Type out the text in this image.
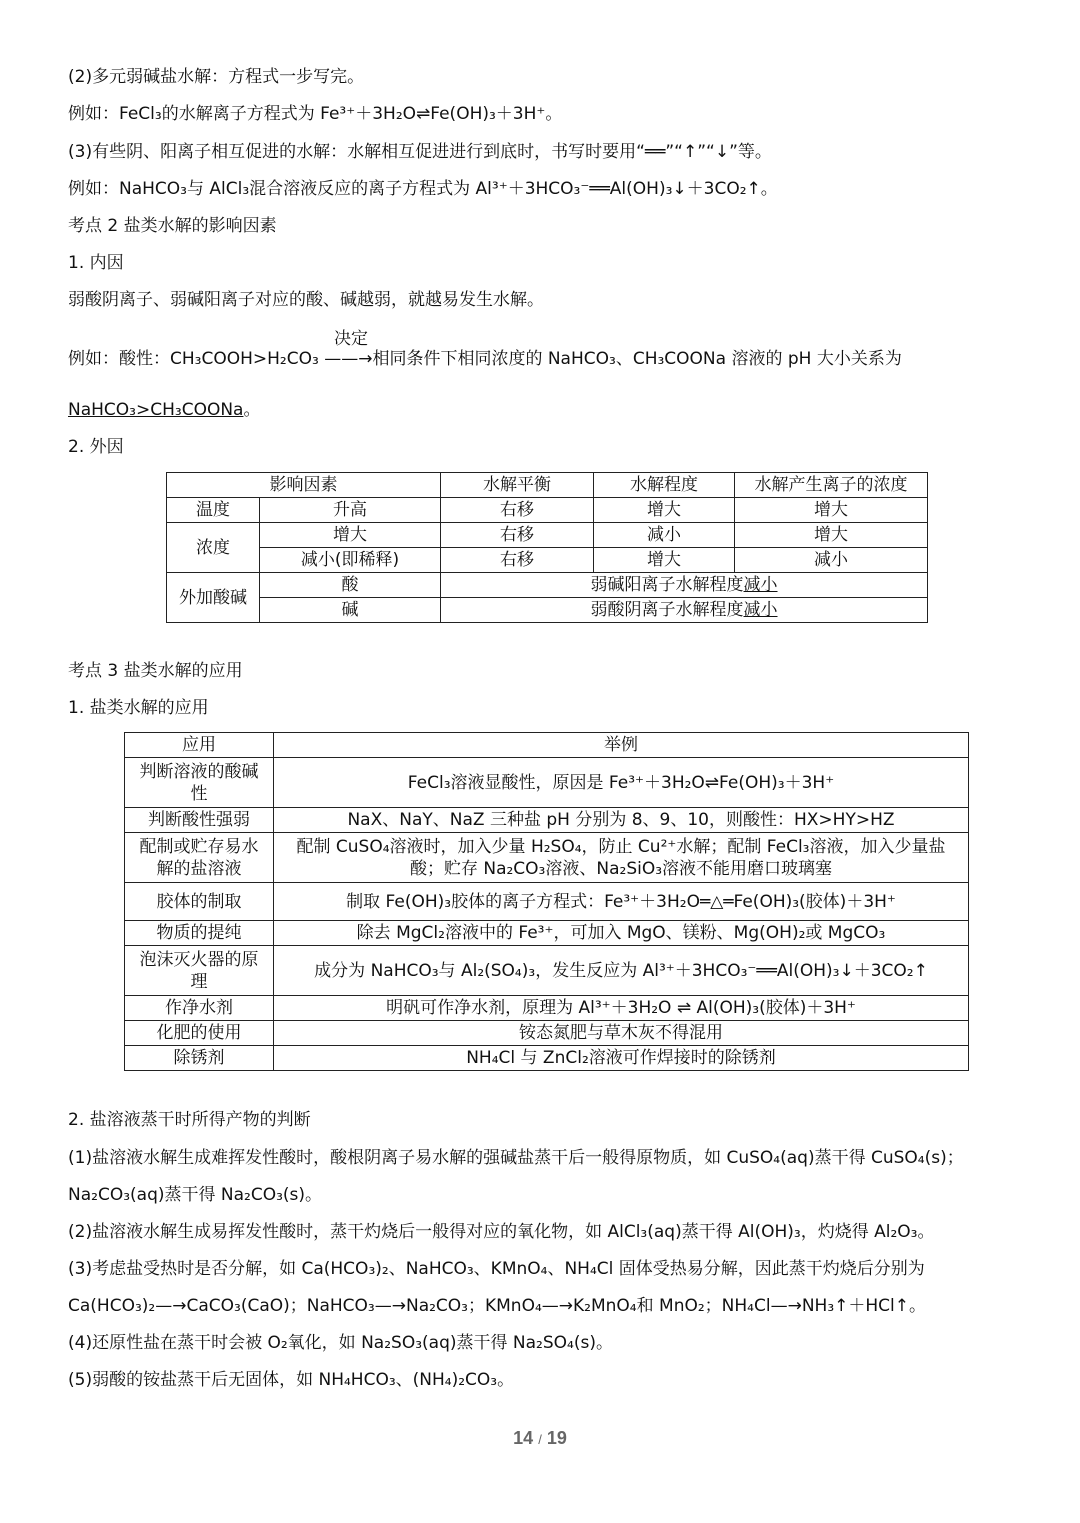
(2)多元弱碱盐水解：方程式一步写完。
例如：FeCl₃的水解离子方程式为 Fe³⁺＋3H₂O⇌Fe(OH)₃＋3H⁺。
(3)有些阴、阳离子相互促进的水解：水解相互促进进行到底时，书写时要用“══”“↑”“↓”等。
例如：NaHCO₃与 AlCl₃混合溶液反应的离子方程式为 Al³⁺＋3HCO₃⁻══Al(OH)₃↓＋3CO₂↑。
考点 2 盐类水解的影响因素
1. 内因
弱酸阴离子、弱碱阳离子对应的酸、碱越弱，就越易发生水解。
决定
例如：酸性：CH₃COOH>H₂CO₃ ——→相同条件下相同浓度的 NaHCO₃、CH₃COONa 溶液的 pH 大小关系为
NaHCO₃>CH₃COONa。
2. 外因
影响因素		水解平衡	水解程度	水解产生离子的浓度
温度	升高	右移	增大	增大
浓度	增大	右移	减小	增大
	减小(即稀释)	右移	增大	减小
外加酸碱	酸	弱碱阳离子水解程度减小		
	碱	弱酸阴离子水解程度减小		
考点 3 盐类水解的应用
1. 盐类水解的应用
应用	举例
判断溶液的酸碱性	FeCl₃溶液显酸性，原因是 Fe³⁺＋3H₂O⇌Fe(OH)₃＋3H⁺
判断酸性强弱	NaX、NaY、NaZ 三种盐 pH 分别为 8、9、10，则酸性：HX>HY>HZ
配制或贮存易水解的盐溶液	配制 CuSO₄溶液时，加入少量 H₂SO₄，防止 Cu²⁺水解；配制 FeCl₃溶液，加入少量盐酸；贮存 Na₂CO₃溶液、Na₂SiO₃溶液不能用磨口玻璃塞
胶体的制取	制取 Fe(OH)₃胶体的离子方程式：Fe³⁺＋3H₂O═△═Fe(OH)₃(胶体)＋3H⁺
物质的提纯	除去 MgCl₂溶液中的 Fe³⁺，可加入 MgO、镁粉、Mg(OH)₂或 MgCO₃
泡沫灭火器的原理	成分为 NaHCO₃与 Al₂(SO₄)₃，发生反应为 Al³⁺＋3HCO₃⁻══Al(OH)₃↓＋3CO₂↑
作净水剂	明矾可作净水剂，原理为 Al³⁺＋3H₂O ⇌ Al(OH)₃(胶体)＋3H⁺
化肥的使用	铵态氮肥与草木灰不得混用
除锈剂	NH₄Cl 与 ZnCl₂溶液可作焊接时的除锈剂
2. 盐溶液蒸干时所得产物的判断
(1)盐溶液水解生成难挥发性酸时，酸根阴离子易水解的强碱盐蒸干后一般得原物质，如 CuSO₄(aq)蒸干得 CuSO₄(s)；
Na₂CO₃(aq)蒸干得 Na₂CO₃(s)。
(2)盐溶液水解生成易挥发性酸时，蒸干灼烧后一般得对应的氧化物，如 AlCl₃(aq)蒸干得 Al(OH)₃，灼烧得 Al₂O₃。
(3)考虑盐受热时是否分解，如 Ca(HCO₃)₂、NaHCO₃、KMnO₄、NH₄Cl 固体受热易分解，因此蒸干灼烧后分别为
Ca(HCO₃)₂—→CaCO₃(CaO)；NaHCO₃—→Na₂CO₃；KMnO₄—→K₂MnO₄和 MnO₂；NH₄Cl—→NH₃↑＋HCl↑。
(4)还原性盐在蒸干时会被 O₂氧化，如 Na₂SO₃(aq)蒸干得 Na₂SO₄(s)。
(5)弱酸的铵盐蒸干后无固体，如 NH₄HCO₃、(NH₄)₂CO₃。
14 / 19
